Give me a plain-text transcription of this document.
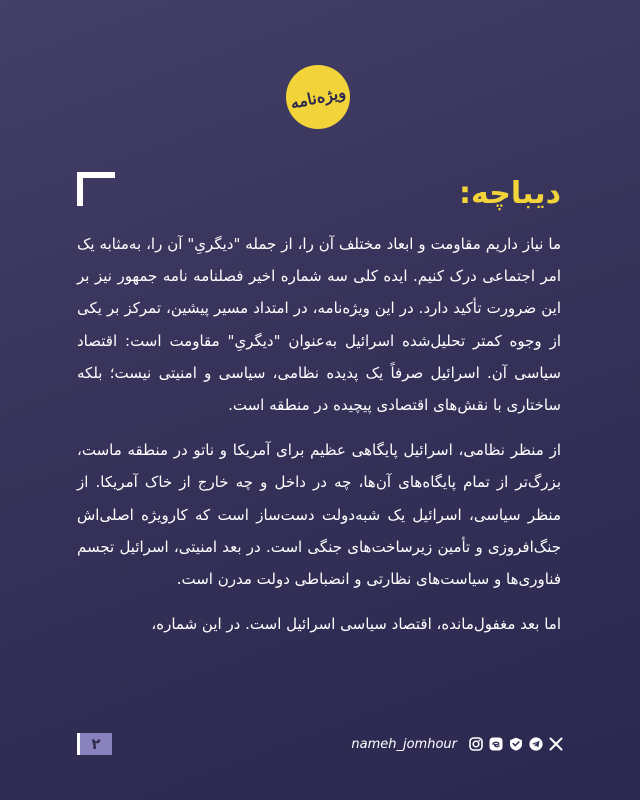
ویژه‌نامه
دیباچه:

ما نیاز داریم مقاومت و ابعاد مختلف آن را، از جمله "دیگریِ" آن را، به‌مثابه یک امر اجتماعی درک کنیم. ایده کلی سه شماره اخیر فصلنامه نامه جمهور نیز بر این ضرورت تأکید دارد. در این ویژه‌نامه، در امتداد مسیر پیشین، تمرکز بر یکی از وجوه کمتر تحلیل‌شده اسرائیل به‌عنوان "دیگریِ" مقاومت است: اقتصاد سیاسی آن. اسرائیل صرفاً یک پدیده نظامی، سیاسی و امنیتی نیست؛ بلکه ساختاری با نقش‌های اقتصادی پیچیده در منطقه است.

از منظر نظامی، اسرائیل پایگاهی عظیم برای آمریکا و ناتو در منطقه ماست، بزرگ‌تر از تمام پایگاه‌های آن‌ها، چه در داخل و چه خارج از خاک آمریکا. از منظر سیاسی، اسرائیل یک شبه‌دولت دست‌ساز است که کارویژه اصلی‌اش جنگ‌افروزی و تأمین زیرساخت‌های جنگی است. در بعد امنیتی، اسرائیل تجسم فناوری‌ها و سیاست‌های نظارتی و انضباطی دولت مدرن است.

اما بعد مغفول‌مانده، اقتصاد سیاسی اسرائیل است. در این شماره،

۲	nameh_jomhour
